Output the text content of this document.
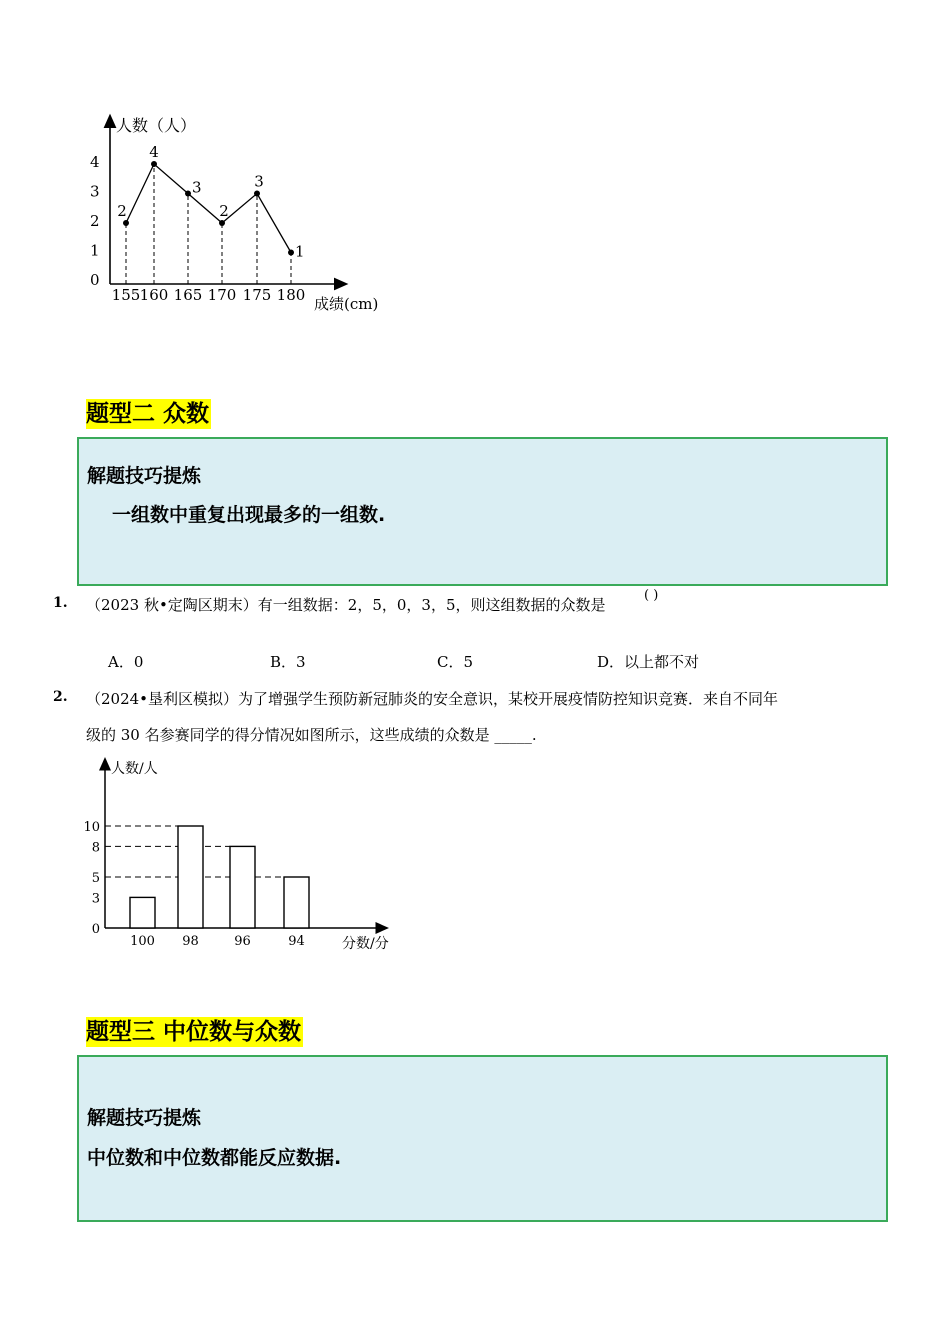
人数（人）
成绩(cm)
0
1
2
3
4
155 160 165 170 175 180
2
4
3
2
3
1
题型二 众数
解题技巧提炼
一组数中重复出现最多的一组数.
1. （2023 秋•定陶区期末）有一组数据：2，5，0，3，5，则这组数据的众数是
( )
A．0	B．3	C．5	D．以上都不对
2. （2024•垦利区模拟）为了增强学生预防新冠肺炎的安全意识，某校开展疫情防控知识竞赛．来自不同年
级的 30 名参赛同学的得分情况如图所示，这些成绩的众数是 _____.
人数/人
分数/分
0
3
5
8
10
100 98	96	94
题型三 中位数与众数
解题技巧提炼
中位数和中位数都能反应数据.
